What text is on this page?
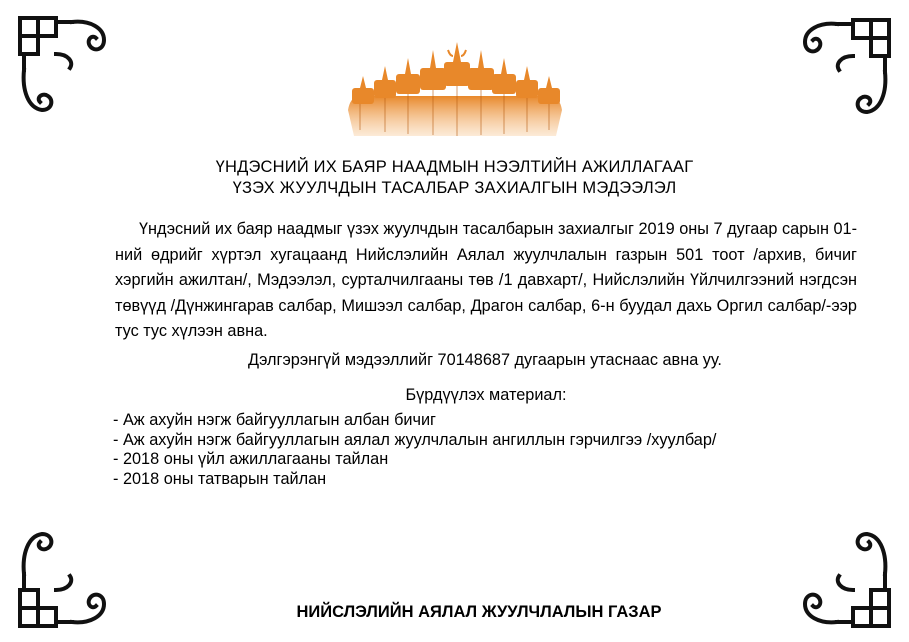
ҮНДЭСНИЙ ИХ БАЯР НААДМЫН НЭЭЛТИЙН АЖИЛЛАГААГ
ҮЗЭХ ЖУУЛЧДЫН ТАСАЛБАР ЗАХИАЛГЫН МЭДЭЭЛЭЛ

Үндэсний их баяр наадмыг үзэх жуулчдын тасалбарын захиалгыг 2019 оны 7 дугаар сарын 01-ний өдрийг хүртэл хугацаанд Нийслэлийн Аялал жуулчлалын газрын 501 тоот /архив, бичиг хэргийн ажилтан/, Мэдээлэл, сурталчилгааны төв /1 давхарт/, Нийслэлийн Үйлчилгээний нэгдсэн төвүүд /Дүнжингарав салбар, Мишээл салбар, Драгон салбар, 6-н буудал дахь Оргил салбар/-ээр тус тус хүлээн авна.

Дэлгэрэнгүй мэдээллийг 70148687 дугаарын утаснаас авна уу.
Бүрдүүлэх материал:
- Аж ахуйн нэгж байгууллагын албан бичиг
- Аж ахуйн нэгж байгууллагын аялал жуулчлалын ангиллын гэрчилгээ /хуулбар/
- 2018 оны үйл ажиллагааны тайлан
- 2018 оны татварын тайлан
НИЙСЛЭЛИЙН АЯЛАЛ ЖУУЛЧЛАЛЫН ГАЗАР
